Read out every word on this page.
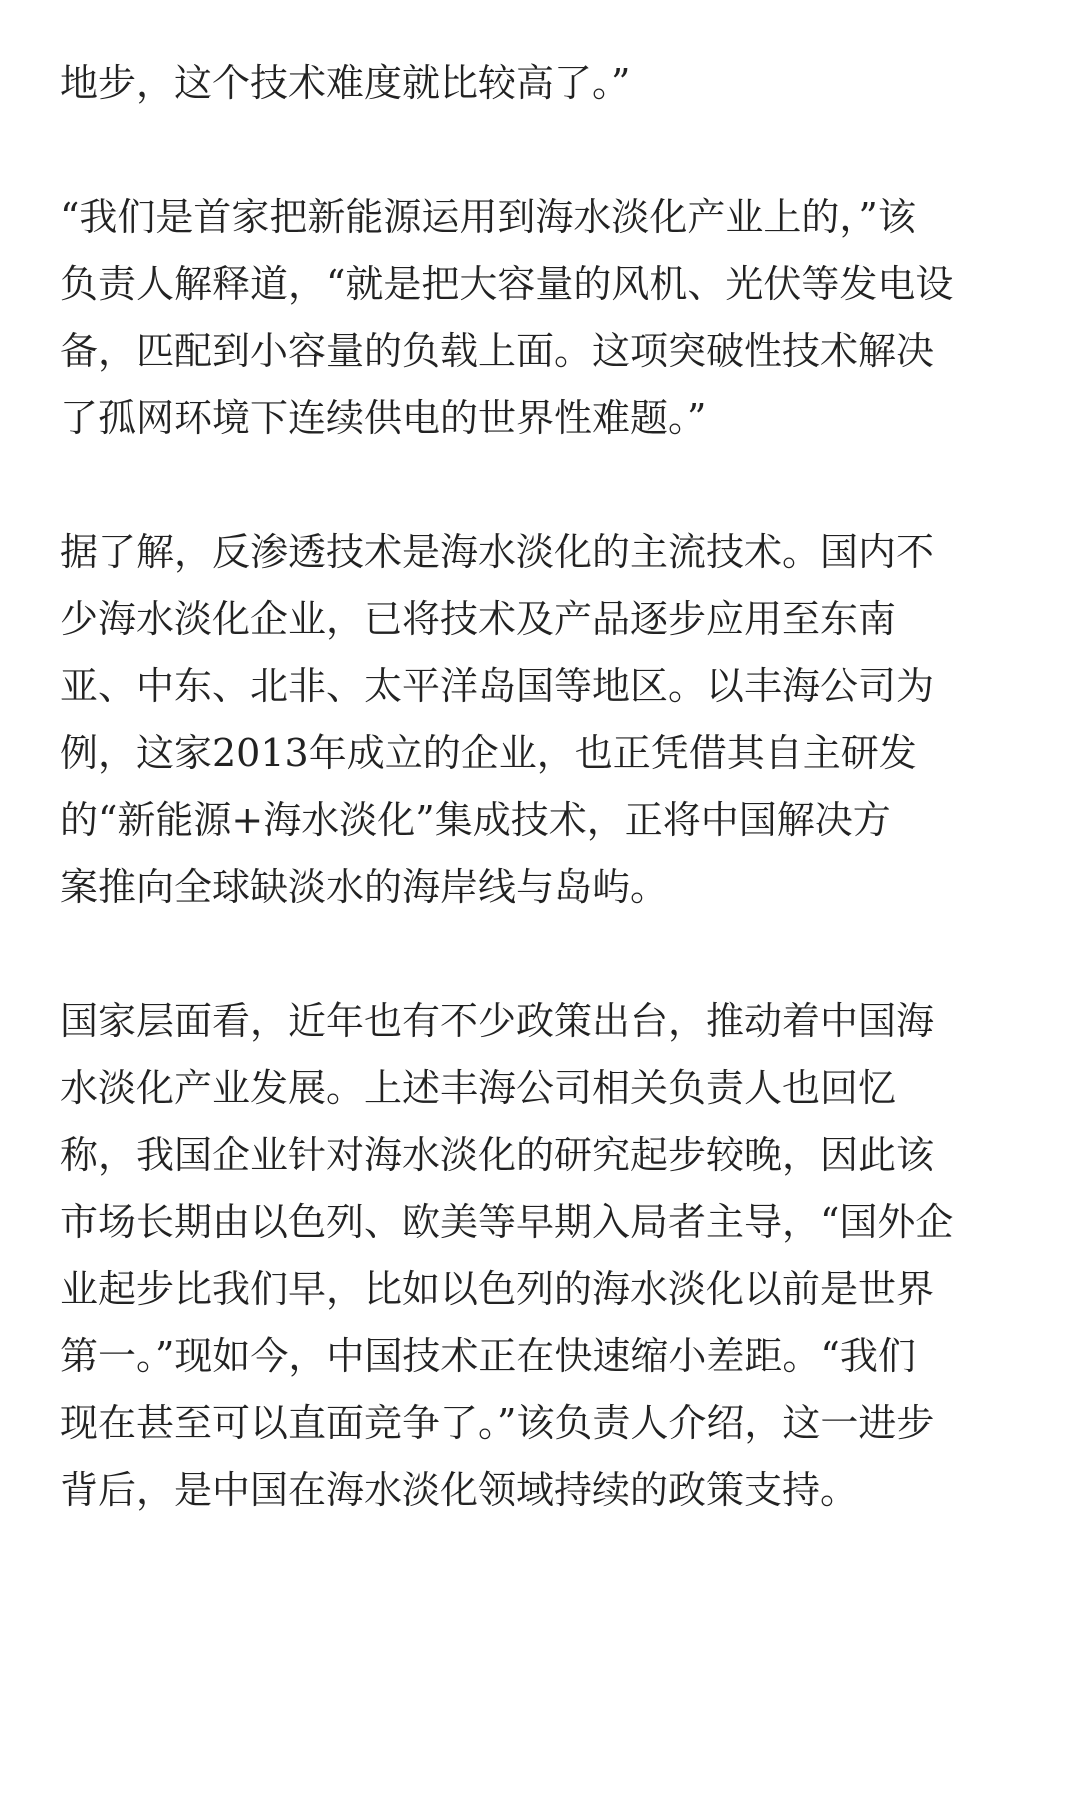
地步，这个技术难度就比较高了。”
“我们是首家把新能源运用到海水淡化产业上的，”该
负责人解释道，“就是把大容量的风机、光伏等发电设
备，匹配到小容量的负载上面。这项突破性技术解决
了孤网环境下连续供电的世界性难题。”
据了解，反渗透技术是海水淡化的主流技术。国内不
少海水淡化企业，已将技术及产品逐步应用至东南
亚、中东、北非、太平洋岛国等地区。以丰海公司为
例，这家2013年成立的企业，也正凭借其自主研发
的“新能源+海水淡化”集成技术，正将中国解决方
案推向全球缺淡水的海岸线与岛屿。
国家层面看，近年也有不少政策出台，推动着中国海
水淡化产业发展。上述丰海公司相关负责人也回忆
称，我国企业针对海水淡化的研究起步较晚，因此该
市场长期由以色列、欧美等早期入局者主导，“国外企
业起步比我们早，比如以色列的海水淡化以前是世界
第一。”现如今，中国技术正在快速缩小差距。“我们
现在甚至可以直面竞争了。”该负责人介绍，这一进步
背后，是中国在海水淡化领域持续的政策支持。
